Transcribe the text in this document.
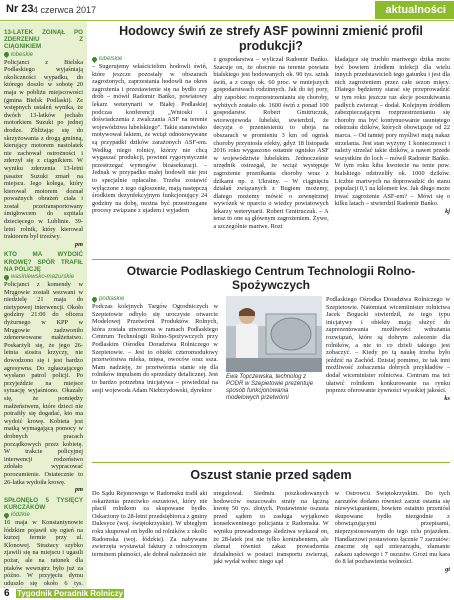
Nr 23 4 czerwca 2017	aktualności
13-LATEK ZGINĄŁ PO ZDERZENIU Z CIĄGNIKIEM
łobeskie
Policjanci z Bielska Podlaskiego wyjaśniają okoliczności wypadku, do którego doszło w sobotę 20 maja w pobliżu miejscowości (gmina Bielsk Podlaski). Ze wstępnych ustaleń wynika, że dwóch 13-latków jechało motorkiem Suzuki po jednej drodze. Zbliżając się do skrzyżowania z drogą gminną, kierujący motorem nastolatek nie zachował ostrożności i zderzył się z ciągnikiem. W wyniku zderzenia 13-letni pasażer Suzuki zmarł na miejscu. Jego kolega, który kierował motorem doznał poważnych obrażeń ciała i został przetransportowany śmigłowcem do szpitala dziecięcego w Lublinie. 39-letni rolnik, który kierował traktorem był trzeźwy.
pm
KTO MA WYDOIĆ KROWĘ? SPÓR TRAFIŁ NA POLICJĘ
wasiniewsko-mazurskie
Policjanci z komendy w Mrągowie zostali wezwani w niedzielę 21 maja do nietypowej interwencji. Około godziny 21:00 do oficera dyżurnego w KPP w Mrągowie zadzwoniło zdenerwowane małżeństwo. Poskarżyli się, że jego 26-letnia siostra krzyczy, nie dowodzono się i jest bardzo agresywna. Do zgłaszającego wysłano patrol policji. Po przyjeździe na miejsce sytuację wyjaśniono. Okazało się, że pomiędzy małżeństwem, które dzieci nie potrafiły się dogadać, kto ma wydoić krowę. Kobieta jest matką wymagającą pomocy w drobnych pracach porządkowych przez kobietę. W trakcie policyjnej interwencji rodzeństwo zdołało wypracować porozumienie. Ostatecznie to 26-latka wydoiła krowę.
pm
SPŁONĘŁO 5 TYSIĘCY KURCZAKÓW
łódzkie
16 maja w Konstantynowie łódzkim pojawił się ogień na kurzej fermie przy ul. Klonowej. Strażacy szybko zjawili się na miejscu i ugasili pożar, ale na ratunek dla ptaków wewnątrz było już za późno. W przyjęciu dymu uduszło się około 6 tys.
Hodowcy świń ze strefy ASF powinni zmienić profil produkcji?
lubelskie
– Sugerujemy właścicielom hodowli świń, które jeszcze pozostały w obszarach zagrożonych, zaprzestania hodowli na okres zagrożenia i przestawienie się na bydło czy drób – mówił Radomir Bańko, powiatowy lekarz weterynarii w Białej Podlaskiej podczas konferencji „Wnioski i doświadczenia z zwalczania ASF na terenie województwa lubelskiego”. Takie stanowisko motywował faktem, że wciąż odnotowywane są przypadki dzików zarażonych ASF-em. Według niego rolnicy, którzy nie chcą wygaszać produkcji, powinni rygorystycznie przestrzegać wymogów bioasekuracji. – Jednak w przypadku małej hodowli nie jest to specjalnie opłacalne. Trzeba zostawić wyłączone z tego ogłoszenie, mają następczą środkiem dezynfekcyjnym funkcjonujący 24 godziny na dobę, można być przestrzegane procesy związane z ujadem i wyjadem
z gospodarstwa – wyliczał Radomir Bańko. Szacuje on, że obecnie na terenie powiatu bialskiego jest hodowanych ok. 90 tys. sztuk świń, a z czego ok. 60 proc. w mniejszych gospodarstwach rodzinnych. Jak do tej pory, aby zapobiec rozprzestrzenianiu się choroby, wybitych zostało ok. 1600 świń z ponad 100 gospodarstw. Robert Gmitruczuk, wicewojewoda lubelski, stwierdził, że decyzja o przeniesieniu to uboja na obszarach w promieniu 3 km od ognisk choroby przyniosła efekty, gdyż 18 listopada 2016 roku wygaszono ostatnie ognisko ASF w województwie lubelskim. Jednocześnie urzędnik ostrzegał, że wciąż występuje zagrożenie przenikania choroby wraz z dzikami np. z Ukrainy. – W ciągnięciu działań związanych z Bugiem możemy, dlatego możemy mówić o zewnętrznej wywózek w oparciu o wiedzy powiatowych lekarzy weterynarii. Robert Gmitruczuk. – A teraz to one są głównym zagrożeniem. Żywe, a szczególnie martwe. Rozt
kładające się truchło martwego dzika może być bowiem źródłem infekcji dla wielu innych przedstawicieli tego gatunku i jest dla nich zagrożeniem przez całe sezon mięcy. Dlatego będziemy starać się przeprowadzić w tym roku jeszcze raz akcje poszukiwania padłych zwierząt – dodał. Kolejnym źródłem zabezpieczającym rozprzestrzenianiu się choroby ma być kontynuowanie usuniętego odstrzału dzików, których obowiązuje od 22 marca. – Od tamtej pory myśliwi mają nakaz strzelania. Jest stan wyżyny 1 koniecznosci i należy strzelać takie dzików, a nawet przede wszystkim do loch – mówił Radomir Bańko. W tym roku kiba kwotecie na tenie pow. bialskiego odstrzeliły ok. 1000 dzików. Liczbie martwych na doprowadzić do stanu populacji 0,1 na kilometr kw. Jak długo może trwać zagrożenie ASF-em? – Mówi się o kilku latach – stwierdził Radomir Bańko.
kj
Otwarcie Podlaskiego Centrum Technologii Rolno-Spożywczych
podlaskie
Podczas kolejnych Targów Ogrodniczych w Szepietowie odbyło się uroczyste otwarcie Modelowej Przetwórni Produktów Rolnych, która została utworzona w ramach Podlaskiego Centrum Technologii Rolno-Spożywczych przy Podlaskim Ośrodku Doradztwa Rolniczego w Szepietowie. – Jest to obiekt czteromodułowy przetwórstwa mleka, mięsa, owoców oraz ssza. Mam nadzieję, że przetwórnia stanie się dla rolników impulsem do sprzedaży detalicznej. Jest to bardzo potrzebna inicjatywa – powiedział na sesji wojewoda Adam Niebrzydowski, dyrektor
Podlaskiego Ośrodka Doradztwa Rolniczego w Szepietowie. Natomiast wicemiinister rolnictwa Jacek Bogucki stwierdził, że tego typu inicjatywy i obiekty mają służyć do zaprezentowania możliwości wdrażania rozwiązań, które są dobrym zalecenie dla rolników, a nie to co dzieli takiego jest zobaczyć. – Kiedy po tą naukę trzeba było jeździć na Zachód. Dzisiaj pomimo, że tak inni możliwość zobaczenia dobrych przykładów – dodał wiceminister rolnictwa. Centrum ma też ułatwić rolnikom konkurowanie na rynku poprzez oferowanie żywności wysokiej jakości.
ks
Ewa Topczewska, technolog z PODR w Szepietowie prezentuje sposób funkcjonowania modelowych przetwórni
Oszust stanie przed sądem
Do Sądu Rejonowego w Radomsku trafił akt oskarżenia przeciwko oszustowi, który nie płacił rolnikom za skupowane bydło. Oskarżony to 28-letni przedsiębiorca z gminy Dalesyce (woj. świętokrzyskie). W ubiegłym roku skupował on bydło od rolników z okolic Radomska (woj. łódzkie). Za nabywane zwierzęta wystawiał faktury z odroczonym terminem płatności, ale dobrał należności nie
uregulował. Siedmiu poszkodowanych hodowców oszacowało straty na łączną kwotę 50 tys. złotych. Postawienie oszusta przed sądem to zasługa wyjątkowo konsekwentnego policjanta z Radomska. W wyniku prowadzonego śledztwa wykazał on, że 28-latek jest nie tylko kontrahentem, ale złamał również zakaz prowadzenia działalności w postaci transportu zwierząt, jaki wydał wobec niego sąd
w Ostrowcu Świętokrzyskim. Do tych zarzutów dodano również zarzut ostania się niewywiązaniem, bowiem ostatnio przeniósł skupowane bydło niezgodnie z obowiązującymi przepisami, nieprzystosowanym do tego celu pojazdem. Handlarzowi postawiono łącznie 7 zarzutów: znaczne się sąd zniezarządu, złamanie zakazu sądowego i 7 oszustw. Grozi mu kara do 8 lat pozbawienia wolności.
gt
6 Tygodnik Poradnik Rolniczy
